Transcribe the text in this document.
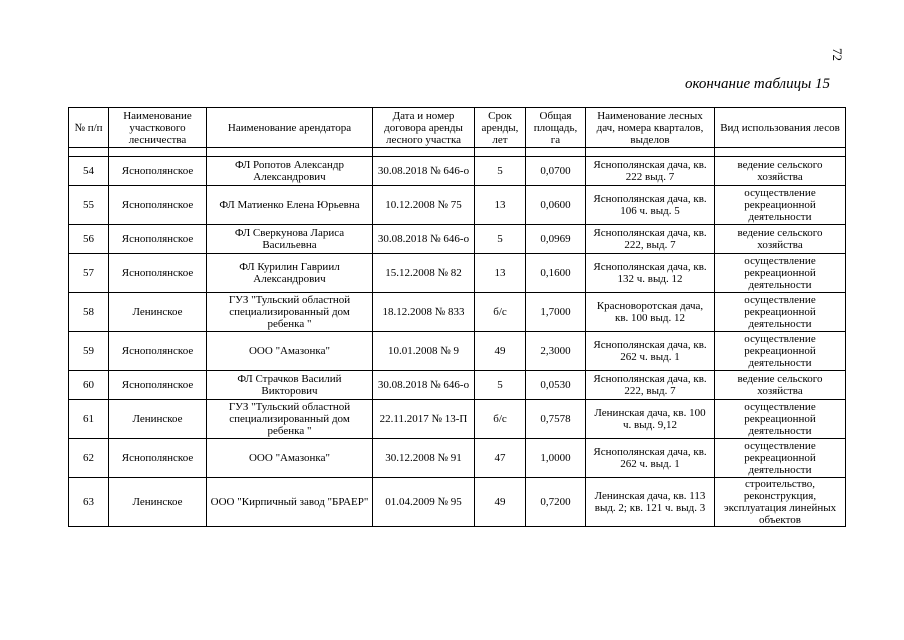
72
окончание таблицы 15
№ п/п	Наименование участкового лесничества	Наименование арендатора	Дата и номер договора аренды лесного участка	Срок аренды, лет	Общая площадь, га	Наименование лесных дач, номера кварталов, выделов	Вид использования лесов

54	Яснополянское	ФЛ Ропотов Александр Александрович	30.08.2018 № 646-о	5	0,0700	Яснополянская дача, кв. 222 выд. 7	ведение сельского хозяйства
55	Яснополянское	ФЛ Матиенко Елена Юрьевна	10.12.2008 № 75	13	0,0600	Яснополянская дача, кв. 106 ч. выд. 5	осуществление рекреационной деятельности
56	Яснополянское	ФЛ Сверкунова Лариса Васильевна	30.08.2018 № 646-о	5	0,0969	Яснополянская дача, кв. 222, выд. 7	ведение сельского хозяйства
57	Яснополянское	ФЛ Курилин Гавриил Александрович	15.12.2008 № 82	13	0,1600	Яснополянская дача, кв. 132 ч. выд. 12	осуществление рекреационной деятельности
58	Ленинское	ГУЗ "Тульский областной специализированный дом ребенка "	18.12.2008 № 833	б/с	1,7000	Красноворотская дача, кв. 100 выд. 12	осуществление рекреационной деятельности
59	Яснополянское	ООО "Амазонка"	10.01.2008 № 9	49	2,3000	Яснополянская дача, кв. 262 ч. выд. 1	осуществление рекреационной деятельности
60	Яснополянское	ФЛ Страчков Василий Викторович	30.08.2018 № 646-о	5	0,0530	Яснополянская дача, кв. 222, выд. 7	ведение сельского хозяйства
61	Ленинское	ГУЗ "Тульский областной специализированный дом ребенка "	22.11.2017 № 13-П	б/с	0,7578	Ленинская дача, кв. 100 ч. выд. 9,12	осуществление рекреационной деятельности
62	Яснополянское	ООО "Амазонка"	30.12.2008 № 91	47	1,0000	Яснополянская дача, кв. 262 ч. выд. 1	осуществление рекреационной деятельности
63	Ленинское	ООО "Кирпичный завод "БРАЕР"	01.04.2009 № 95	49	0,7200	Ленинская дача, кв. 113 выд. 2; кв. 121 ч. выд. 3	строительство, реконструкция, эксплуатация линейных объектов
